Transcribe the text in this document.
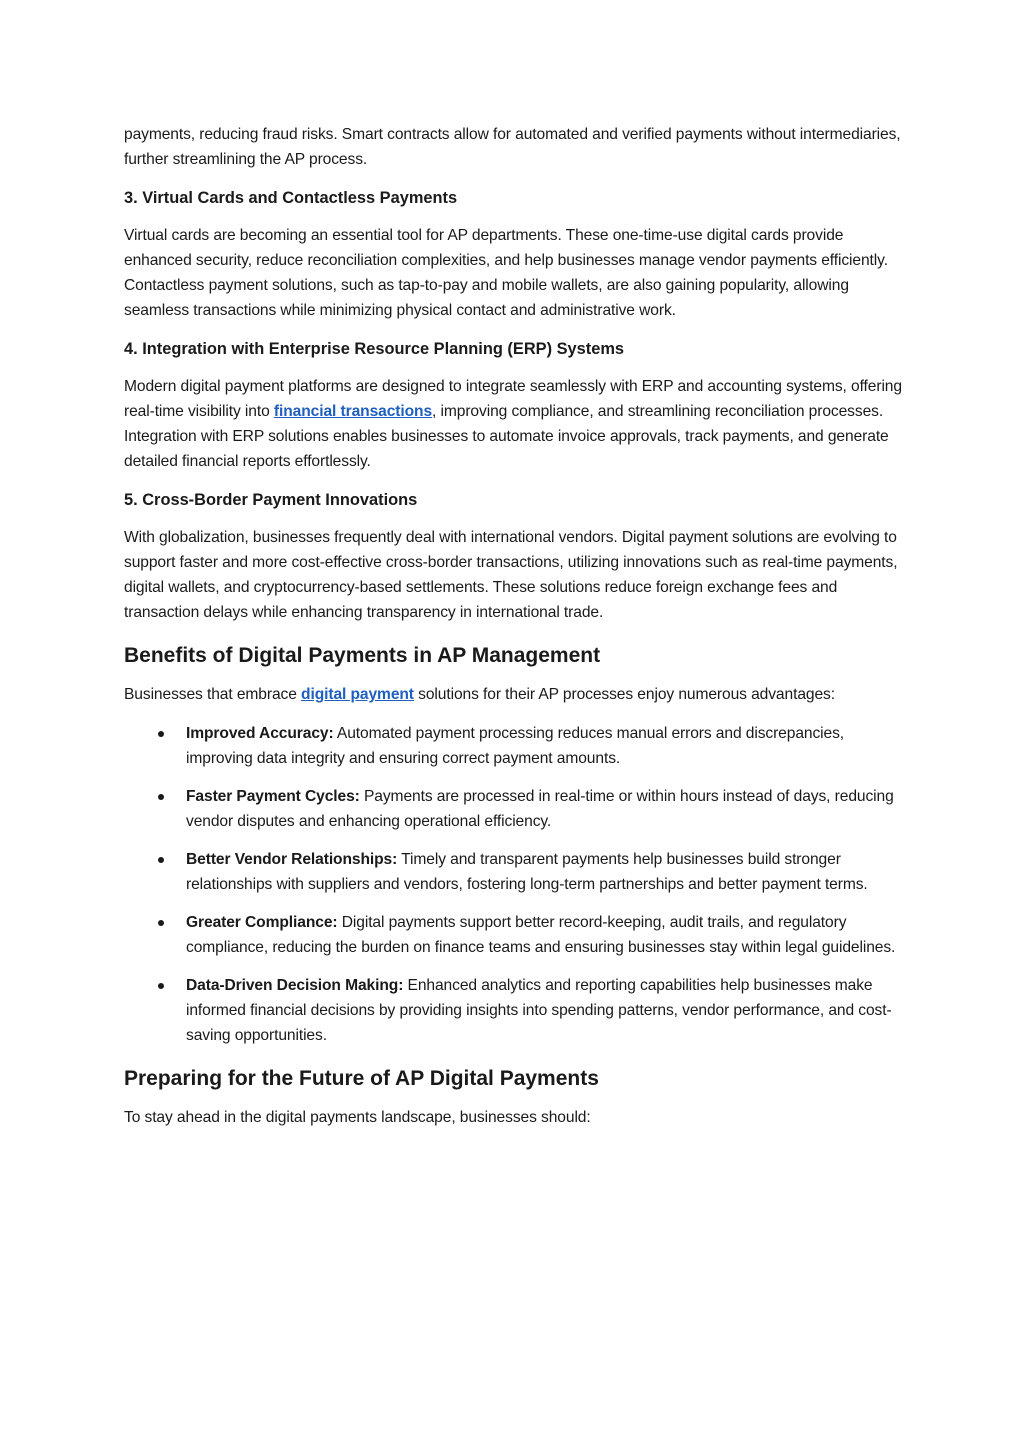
payments, reducing fraud risks. Smart contracts allow for automated and verified payments without intermediaries, further streamlining the AP process.

3. Virtual Cards and Contactless Payments

Virtual cards are becoming an essential tool for AP departments. These one-time-use digital cards provide enhanced security, reduce reconciliation complexities, and help businesses manage vendor payments efficiently. Contactless payment solutions, such as tap-to-pay and mobile wallets, are also gaining popularity, allowing seamless transactions while minimizing physical contact and administrative work.

4. Integration with Enterprise Resource Planning (ERP) Systems

Modern digital payment platforms are designed to integrate seamlessly with ERP and accounting systems, offering real-time visibility into financial transactions, improving compliance, and streamlining reconciliation processes. Integration with ERP solutions enables businesses to automate invoice approvals, track payments, and generate detailed financial reports effortlessly.

5. Cross-Border Payment Innovations

With globalization, businesses frequently deal with international vendors. Digital payment solutions are evolving to support faster and more cost-effective cross-border transactions, utilizing innovations such as real-time payments, digital wallets, and cryptocurrency-based settlements. These solutions reduce foreign exchange fees and transaction delays while enhancing transparency in international trade.

Benefits of Digital Payments in AP Management

Businesses that embrace digital payment solutions for their AP processes enjoy numerous advantages:

Improved Accuracy: Automated payment processing reduces manual errors and discrepancies, improving data integrity and ensuring correct payment amounts.
Faster Payment Cycles: Payments are processed in real-time or within hours instead of days, reducing vendor disputes and enhancing operational efficiency.
Better Vendor Relationships: Timely and transparent payments help businesses build stronger relationships with suppliers and vendors, fostering long-term partnerships and better payment terms.
Greater Compliance: Digital payments support better record-keeping, audit trails, and regulatory compliance, reducing the burden on finance teams and ensuring businesses stay within legal guidelines.
Data-Driven Decision Making: Enhanced analytics and reporting capabilities help businesses make informed financial decisions by providing insights into spending patterns, vendor performance, and cost-saving opportunities.
Preparing for the Future of AP Digital Payments

To stay ahead in the digital payments landscape, businesses should:
